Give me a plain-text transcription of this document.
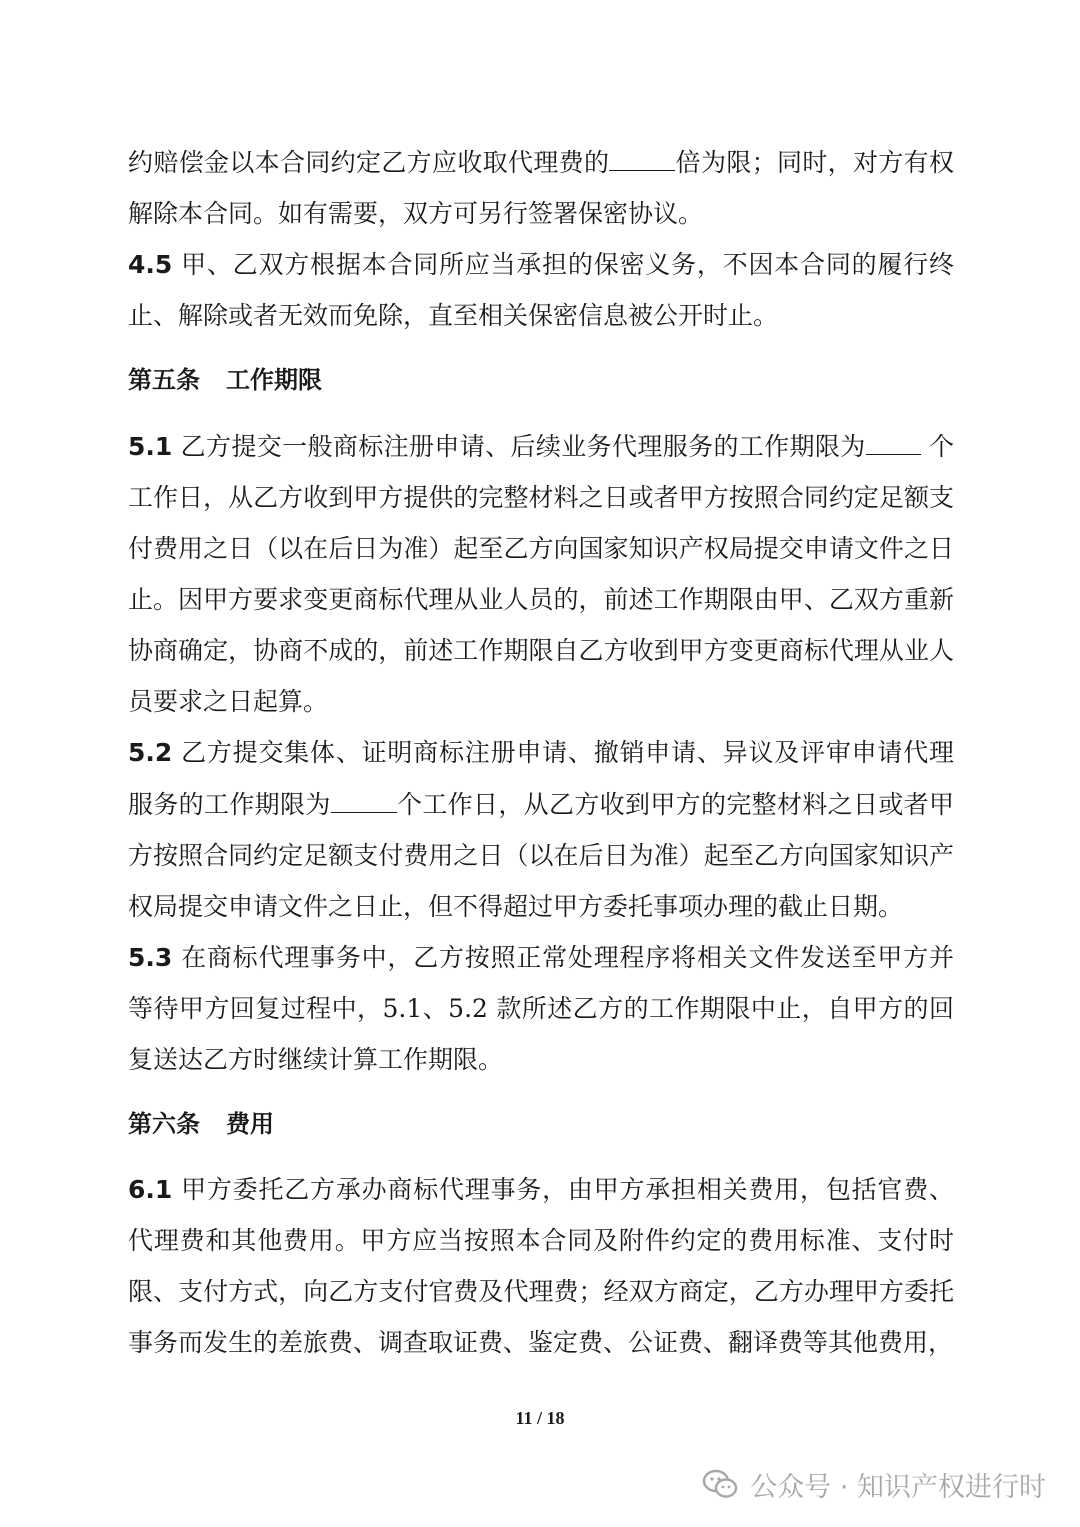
约赔偿金以本合同约定乙方应收取代理费的	倍为限；同时，对方有权解除本合同。如有需要，双方可另行签署保密协议。

4.5 甲、乙双方根据本合同所应当承担的保密义务，不因本合同的履行终止、解除或者无效而免除，直至相关保密信息被公开时止。

第五条 工作期限

5.1 乙方提交一般商标注册申请、后续业务代理服务的工作期限为 个工作日，从乙方收到甲方提供的完整材料之日或者甲方按照合同约定足额支付费用之日（以在后日为准）起至乙方向国家知识产权局提交申请文件之日止。因甲方要求变更商标代理从业人员的，前述工作期限由甲、乙双方重新协商确定，协商不成的，前述工作期限自乙方收到甲方变更商标代理从业人员要求之日起算。

5.2 乙方提交集体、证明商标注册申请、撤销申请、异议及评审申请代理服务的工作期限为	个工作日，从乙方收到甲方的完整材料之日或者甲方按照合同约定足额支付费用之日（以在后日为准）起至乙方向国家知识产权局提交申请文件之日止，但不得超过甲方委托事项办理的截止日期。

5.3 在商标代理事务中，乙方按照正常处理程序将相关文件发送至甲方并等待甲方回复过程中，5.1、5.2 款所述乙方的工作期限中止，自甲方的回复送达乙方时继续计算工作期限。

第六条 费用

6.1 甲方委托乙方承办商标代理事务，由甲方承担相关费用，包括官费、代理费和其他费用。甲方应当按照本合同及附件约定的费用标准、支付时限、支付方式，向乙方支付官费及代理费；经双方商定，乙方办理甲方委托事务而发生的差旅费、调查取证费、鉴定费、公证费、翻译费等其他费用，

11 / 18
公众号 · 知识产权进行时
